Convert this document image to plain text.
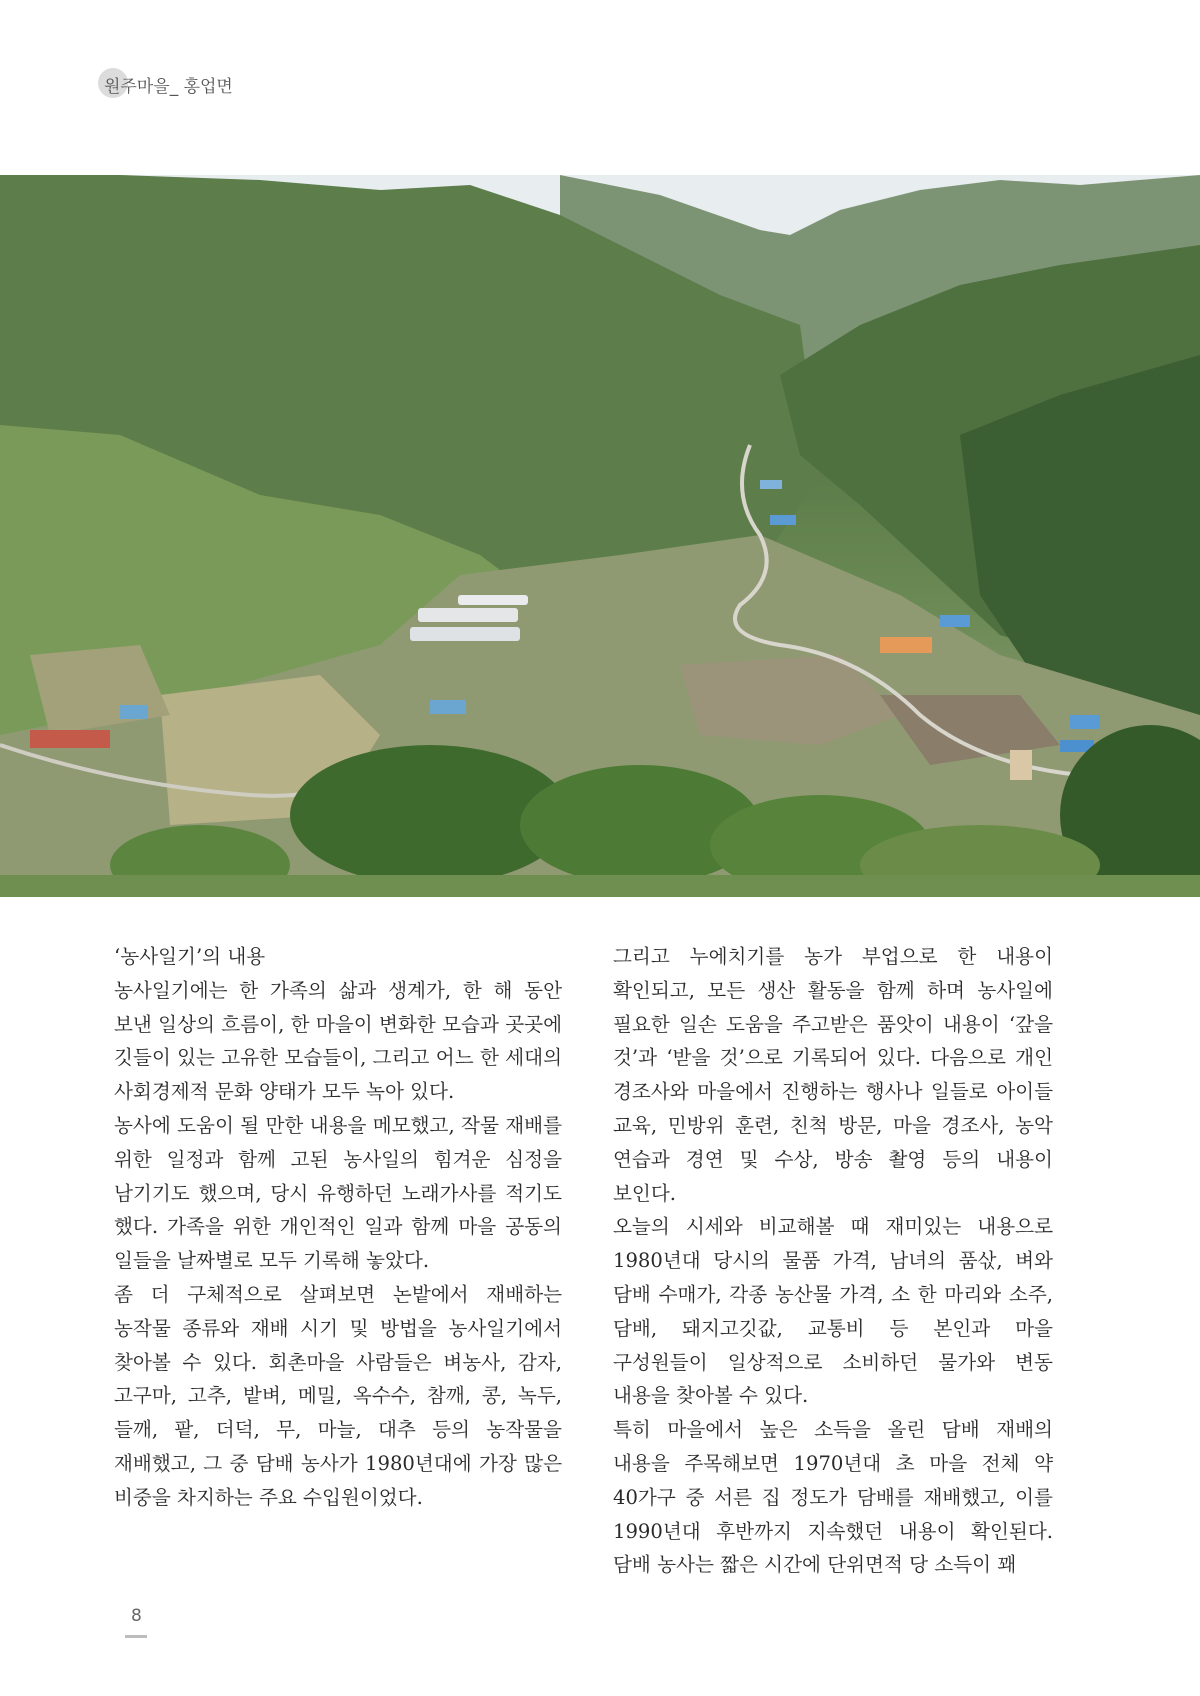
원주마을_ 홍업면

‘농사일기’의 내용

농사일기에는 한 가족의 삶과 생계가, 한 해 동안 보낸 일상의 흐름이, 한 마을이 변화한 모습과 곳곳에 깃들이 있는 고유한 모습들이, 그리고 어느 한 세대의 사회경제적 문화 양태가 모두 녹아 있다.

농사에 도움이 될 만한 내용을 메모했고, 작물 재배를 위한 일정과 함께 고된 농사일의 힘겨운 심정을 남기기도 했으며, 당시 유행하던 노래가사를 적기도 했다. 가족을 위한 개인적인 일과 함께 마을 공동의 일들을 날짜별로 모두 기록해 놓았다.

좀 더 구체적으로 살펴보면 논밭에서 재배하는 농작물 종류와 재배 시기 및 방법을 농사일기에서 찾아볼 수 있다. 회촌마을 사람들은 벼농사, 감자, 고구마, 고추, 밭벼, 메밀, 옥수수, 참깨, 콩, 녹두, 들깨, 팥, 더덕, 무, 마늘, 대추 등의 농작물을 재배했고, 그 중 담배 농사가 1980년대에 가장 많은 비중을 차지하는 주요 수입원이었다.

그리고 누에치기를 농가 부업으로 한 내용이 확인되고, 모든 생산 활동을 함께 하며 농사일에 필요한 일손 도움을 주고받은 품앗이 내용이 ‘갚을 것’과 ‘받을 것’으로 기록되어 있다. 다음으로 개인 경조사와 마을에서 진행하는 행사나 일들로 아이들 교육, 민방위 훈련, 친척 방문, 마을 경조사, 농악 연습과 경연 및 수상, 방송 촬영 등의 내용이 보인다.

오늘의 시세와 비교해볼 때 재미있는 내용으로 1980년대 당시의 물품 가격, 남녀의 품삯, 벼와 담배 수매가, 각종 농산물 가격, 소 한 마리와 소주, 담배, 돼지고깃값, 교통비 등 본인과 마을 구성원들이 일상적으로 소비하던 물가와 변동 내용을 찾아볼 수 있다.

특히 마을에서 높은 소득을 올린 담배 재배의 내용을 주목해보면 1970년대 초 마을 전체 약 40가구 중 서른 집 정도가 담배를 재배했고, 이를 1990년대 후반까지 지속했던 내용이 확인된다. 담배 농사는 짧은 시간에 단위면적 당 소득이 꽤

8
